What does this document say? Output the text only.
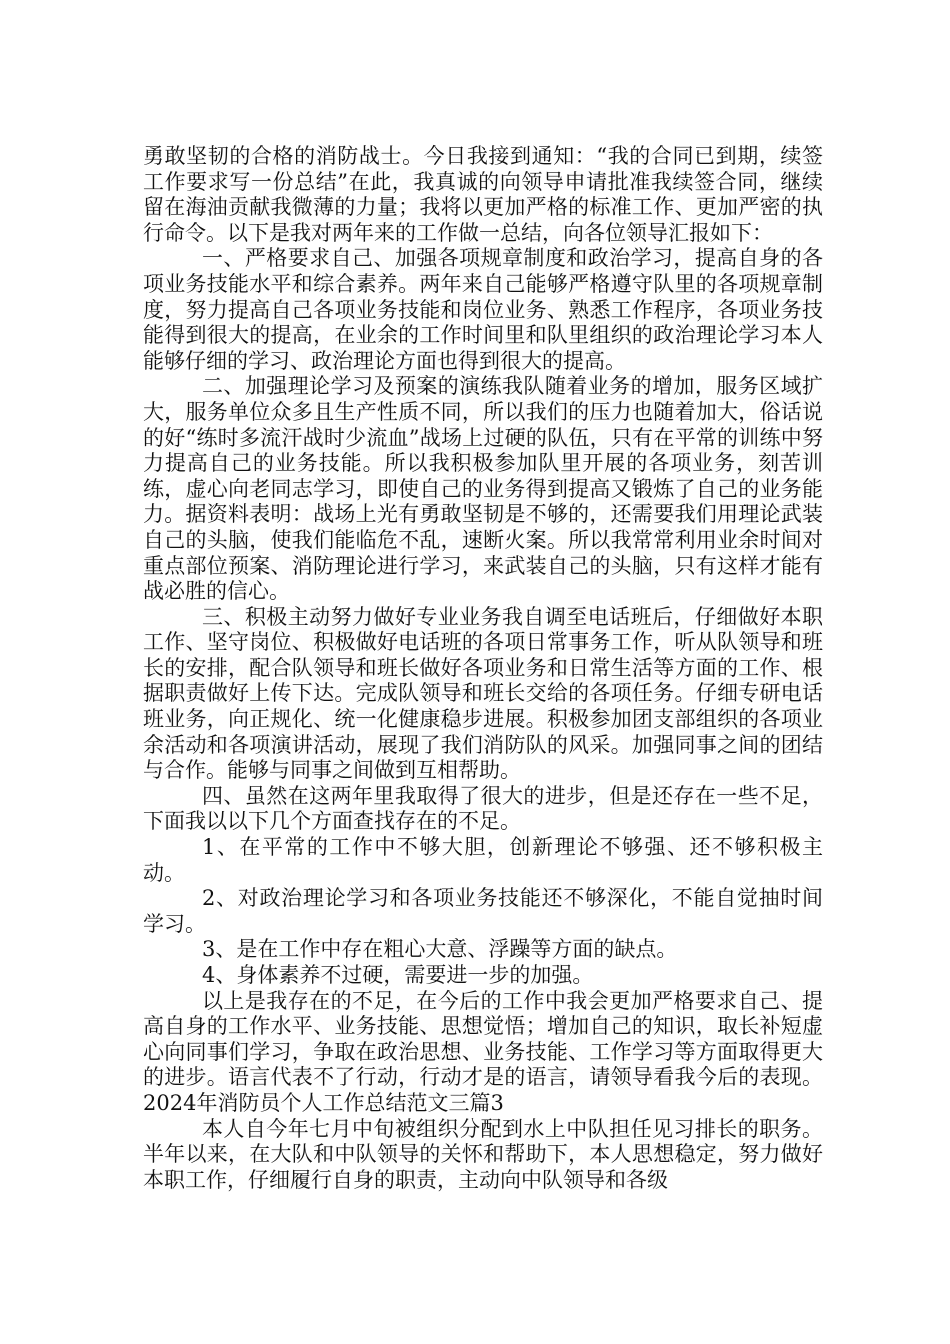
勇敢坚韧的合格的消防战士。今日我接到通知：“我的合同已到期，续签工作要求写一份总结”在此，我真诚的向领导申请批准我续签合同，继续留在海油贡献我微薄的力量；我将以更加严格的标准工作、更加严密的执行命令。以下是我对两年来的工作做一总结，向各位领导汇报如下：

一、严格要求自己、加强各项规章制度和政治学习，提高自身的各项业务技能水平和综合素养。两年来自己能够严格遵守队里的各项规章制度，努力提高自己各项业务技能和岗位业务、熟悉工作程序，各项业务技能得到很大的提高，在业余的工作时间里和队里组织的政治理论学习本人能够仔细的学习、政治理论方面也得到很大的提高。

二、加强理论学习及预案的演练我队随着业务的增加，服务区域扩大，服务单位众多且生产性质不同，所以我们的压力也随着加大，俗话说的好“练时多流汗战时少流血”战场上过硬的队伍，只有在平常的训练中努力提高自己的业务技能。所以我积极参加队里开展的各项业务，刻苦训练，虚心向老同志学习，即使自己的业务得到提高又锻炼了自己的业务能力。据资料表明：战场上光有勇敢坚韧是不够的，还需要我们用理论武装自己的头脑，使我们能临危不乱，速断火案。所以我常常利用业余时间对重点部位预案、消防理论进行学习，来武装自己的头脑，只有这样才能有战必胜的信心。

三、积极主动努力做好专业业务我自调至电话班后，仔细做好本职工作、坚守岗位、积极做好电话班的各项日常事务工作，听从队领导和班长的安排，配合队领导和班长做好各项业务和日常生活等方面的工作、根据职责做好上传下达。完成队领导和班长交给的各项任务。仔细专研电话班业务，向正规化、统一化健康稳步进展。积极参加团支部组织的各项业余活动和各项演讲活动，展现了我们消防队的风采。加强同事之间的团结与合作。能够与同事之间做到互相帮助。

四、虽然在这两年里我取得了很大的进步，但是还存在一些不足，下面我以以下几个方面查找存在的不足。

1、在平常的工作中不够大胆，创新理论不够强、还不够积极主动。

2、对政治理论学习和各项业务技能还不够深化，不能自觉抽时间学习。

3、是在工作中存在粗心大意、浮躁等方面的缺点。

4、身体素养不过硬，需要进一步的加强。

以上是我存在的不足，在今后的工作中我会更加严格要求自己、提高自身的工作水平、业务技能、思想觉悟；增加自己的知识，取长补短虚心向同事们学习，争取在政治思想、业务技能、工作学习等方面取得更大的进步。语言代表不了行动，行动才是的语言，请领导看我今后的表现。2024年消防员个人工作总结范文三篇3

本人自今年七月中旬被组织分配到水上中队担任见习排长的职务。半年以来，在大队和中队领导的关怀和帮助下，本人思想稳定，努力做好本职工作，仔细履行自身的职责，主动向中队领导和各级
